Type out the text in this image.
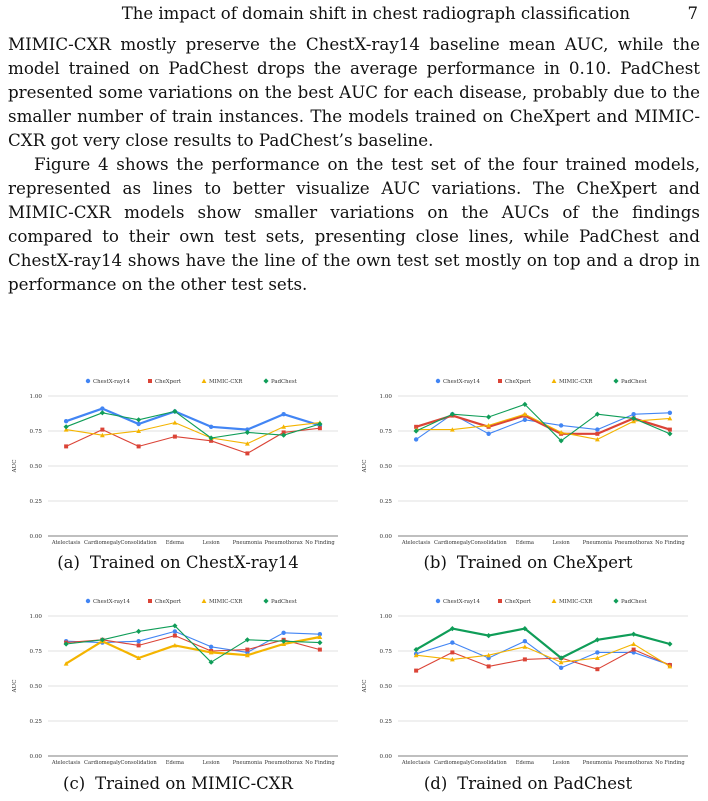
The impact of domain shift in chest radiograph classification	7

MIMIC-CXR mostly preserve the ChestX-ray14 baseline mean AUC, while the model trained on PadChest drops the average performance in 0.10. PadChest presented some variations on the best AUC for each disease, probably due to the smaller number of train instances. The models trained on CheXpert and MIMIC-CXR got very close results to PadChest’s baseline.

Figure 4 shows the performance on the test set of the four trained models, represented as lines to better visualize AUC variations. The CheXpert and MIMIC-CXR models show smaller variations on the AUCs of the findings compared to their own test sets, presenting close lines, while PadChest and ChestX-ray14 shows have the line of the own test set mostly on top and a drop in performance on the other test sets.

0.00
0.25
0.50
0.75
1.00
AUC
Atelectasis Cardiomegaly Consolidation Edema	Lesion Pneumonia Pneumothorax No Finding
ChestX-ray14	CheXpert	MIMIC-CXR	PadChest
(a) Trained on ChestX-ray14
0.00
0.25
0.50
0.75
1.00
AUC
Atelectasis Cardiomegaly Consolidation Edema	Lesion Pneumonia Pneumothorax No Finding
ChestX-ray14	CheXpert	MIMIC-CXR	PadChest
(b) Trained on CheXpert
0.00
0.25
0.50
0.75
1.00
AUC
Atelectasis Cardiomegaly Consolidation Edema	Lesion Pneumonia Pneumothorax No Finding
ChestX-ray14	CheXpert	MIMIC-CXR	PadChest
(c) Trained on MIMIC-CXR
0.00
0.25
0.50
0.75
1.00
AUC
Atelectasis Cardiomegaly Consolidation Edema	Lesion Pneumonia Pneumothorax No Finding
ChestX-ray14	CheXpert	MIMIC-CXR	PadChest
(d) Trained on PadChest
